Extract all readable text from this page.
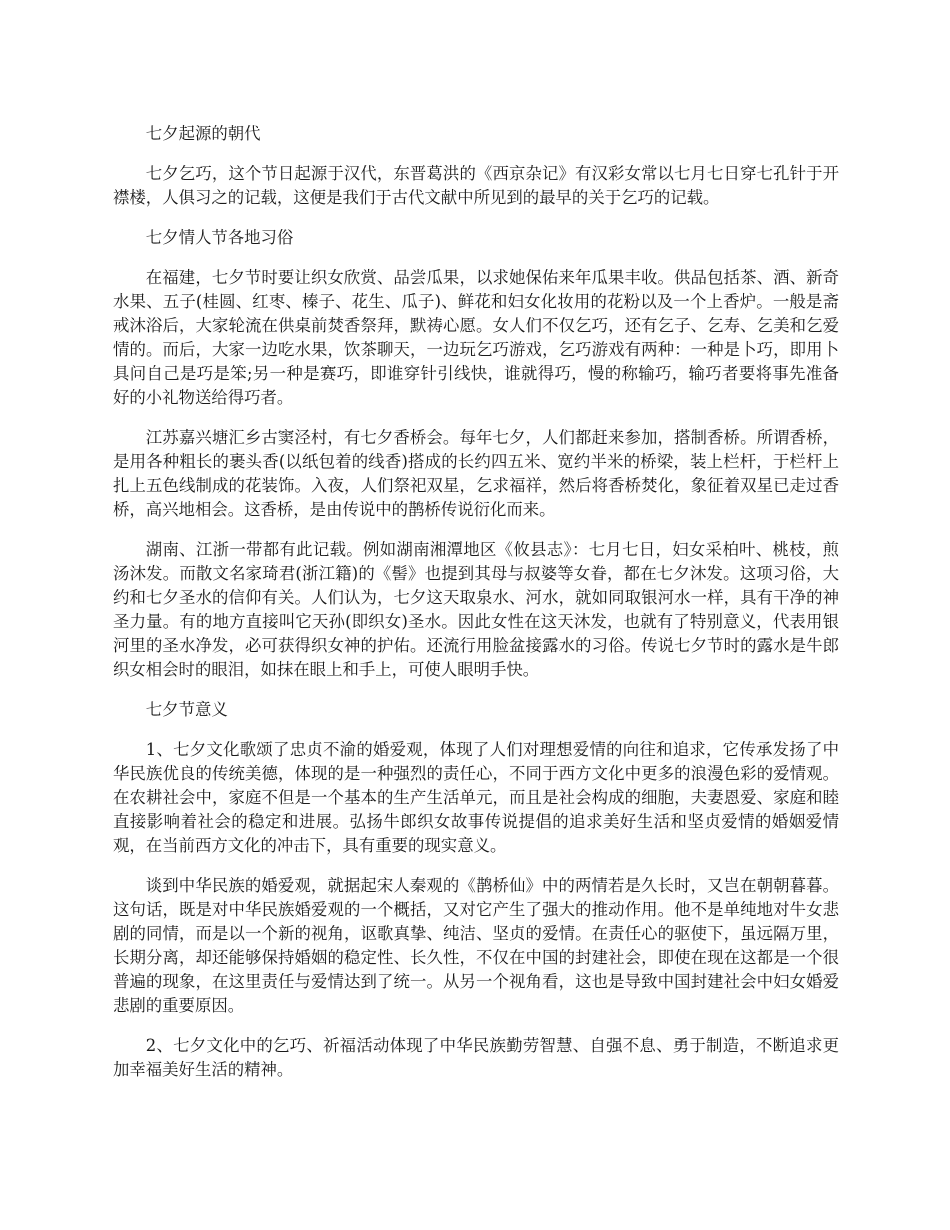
七夕起源的朝代

七夕乞巧，这个节日起源于汉代，东晋葛洪的《西京杂记》有汉彩女常以七月七日穿七孔针于开襟楼，人俱习之的记载，这便是我们于古代文献中所见到的最早的关于乞巧的记载。

七夕情人节各地习俗

在福建，七夕节时要让织女欣赏、品尝瓜果，以求她保佑来年瓜果丰收。供品包括茶、酒、新奇水果、五子(桂圆、红枣、榛子、花生、瓜子)、鲜花和妇女化妆用的花粉以及一个上香炉。一般是斋戒沐浴后，大家轮流在供桌前焚香祭拜，默祷心愿。女人们不仅乞巧，还有乞子、乞寿、乞美和乞爱情的。而后，大家一边吃水果，饮茶聊天，一边玩乞巧游戏，乞巧游戏有两种：一种是卜巧，即用卜具问自己是巧是笨;另一种是赛巧，即谁穿针引线快，谁就得巧，慢的称输巧，输巧者要将事先准备好的小礼物送给得巧者。

江苏嘉兴塘汇乡古窦泾村，有七夕香桥会。每年七夕，人们都赶来参加，搭制香桥。所谓香桥，是用各种粗长的裹头香(以纸包着的线香)搭成的长约四五米、宽约半米的桥梁，装上栏杆，于栏杆上扎上五色线制成的花装饰。入夜，人们祭祀双星，乞求福祥，然后将香桥焚化，象征着双星已走过香桥，高兴地相会。这香桥，是由传说中的鹊桥传说衍化而来。

湖南、江浙一带都有此记载。例如湖南湘潭地区《攸县志》：七月七日，妇女采柏叶、桃枝，煎汤沐发。而散文名家琦君(浙江籍)的《髻》也提到其母与叔婆等女眷，都在七夕沐发。这项习俗，大约和七夕圣水的信仰有关。人们认为，七夕这天取泉水、河水，就如同取银河水一样，具有干净的神圣力量。有的地方直接叫它天孙(即织女)圣水。因此女性在这天沐发，也就有了特别意义，代表用银河里的圣水净发，必可获得织女神的护佑。还流行用脸盆接露水的习俗。传说七夕节时的露水是牛郎织女相会时的眼泪，如抹在眼上和手上，可使人眼明手快。

七夕节意义

1、七夕文化歌颂了忠贞不渝的婚爱观，体现了人们对理想爱情的向往和追求，它传承发扬了中华民族优良的传统美德，体现的是一种强烈的责任心，不同于西方文化中更多的浪漫色彩的爱情观。在农耕社会中，家庭不但是一个基本的生产生活单元，而且是社会构成的细胞，夫妻恩爱、家庭和睦直接影响着社会的稳定和进展。弘扬牛郎织女故事传说提倡的追求美好生活和坚贞爱情的婚姻爱情观，在当前西方文化的冲击下，具有重要的现实意义。

谈到中华民族的婚爱观，就据起宋人秦观的《鹊桥仙》中的两情若是久长时，又岂在朝朝暮暮。这句话，既是对中华民族婚爱观的一个概括，又对它产生了强大的推动作用。他不是单纯地对牛女悲剧的同情，而是以一个新的视角，讴歌真挚、纯洁、坚贞的爱情。在责任心的驱使下，虽远隔万里，长期分离，却还能够保持婚姻的稳定性、长久性，不仅在中国的封建社会，即使在现在这都是一个很普遍的现象，在这里责任与爱情达到了统一。从另一个视角看，这也是导致中国封建社会中妇女婚爱悲剧的重要原因。

2、七夕文化中的乞巧、祈福活动体现了中华民族勤劳智慧、自强不息、勇于制造，不断追求更加幸福美好生活的精神。
